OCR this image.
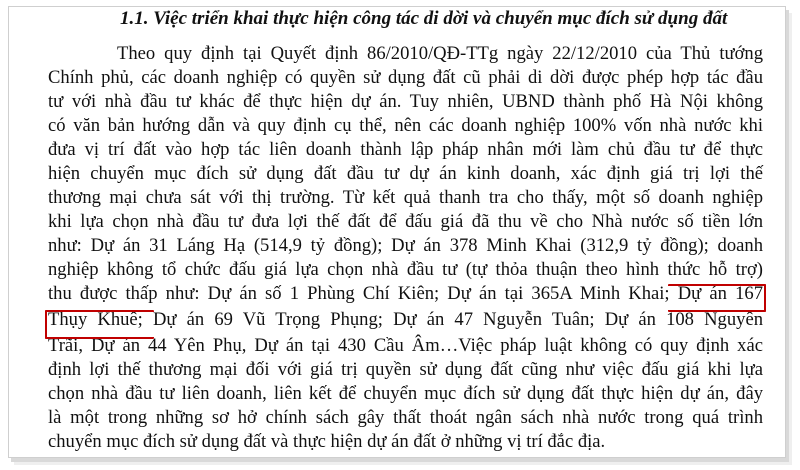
1.1. Việc triển khai thực hiện công tác di dời và chuyển mục đích sử dụng đất
Theo quy định tại Quyết định 86/2010/QĐ-TTg ngày 22/12/2010 của Thủ tướng
Chính phủ, các doanh nghiệp có quyền sử dụng đất cũ phải di dời được phép hợp tác đầu
tư với nhà đầu tư khác để thực hiện dự án. Tuy nhiên, UBND thành phố Hà Nội không
có văn bản hướng dẫn và quy định cụ thể, nên các doanh nghiệp 100% vốn nhà nước khi
đưa vị trí đất vào hợp tác liên doanh thành lập pháp nhân mới làm chủ đầu tư để thực
hiện chuyển mục đích sử dụng đất đầu tư dự án kinh doanh, xác định giá trị lợi thế
thương mại chưa sát với thị trường. Từ kết quả thanh tra cho thấy, một số doanh nghiệp
khi lựa chọn nhà đầu tư đưa lợi thế đất để đấu giá đã thu về cho Nhà nước số tiền lớn
như: Dự án 31 Láng Hạ (514,9 tỷ đồng); Dự án 378 Minh Khai (312,9 tỷ đồng); doanh
nghiệp không tổ chức đấu giá lựa chọn nhà đầu tư (tự thỏa thuận theo hình thức hỗ trợ)
thu được thấp như: Dự án số 1 Phùng Chí Kiên; Dự án tại 365A Minh Khai; Dự án 167
Thụy Khuê; Dự án 69 Vũ Trọng Phụng; Dự án 47 Nguyễn Tuân; Dự án 108 Nguyên
Trãi, Dự án 44 Yên Phụ, Dự án tại 430 Cầu Âm…Việc pháp luật không có quy định xác
định lợi thế thương mại đối với giá trị quyền sử dụng đất cũng như việc đấu giá khi lựa
chọn nhà đầu tư liên doanh, liên kết để chuyển mục đích sử dụng đất thực hiện dự án, đây
là một trong những sơ hở chính sách gây thất thoát ngân sách nhà nước trong quá trình
chuyển mục đích sử dụng đất và thực hiện dự án đất ở những vị trí đắc địa.
